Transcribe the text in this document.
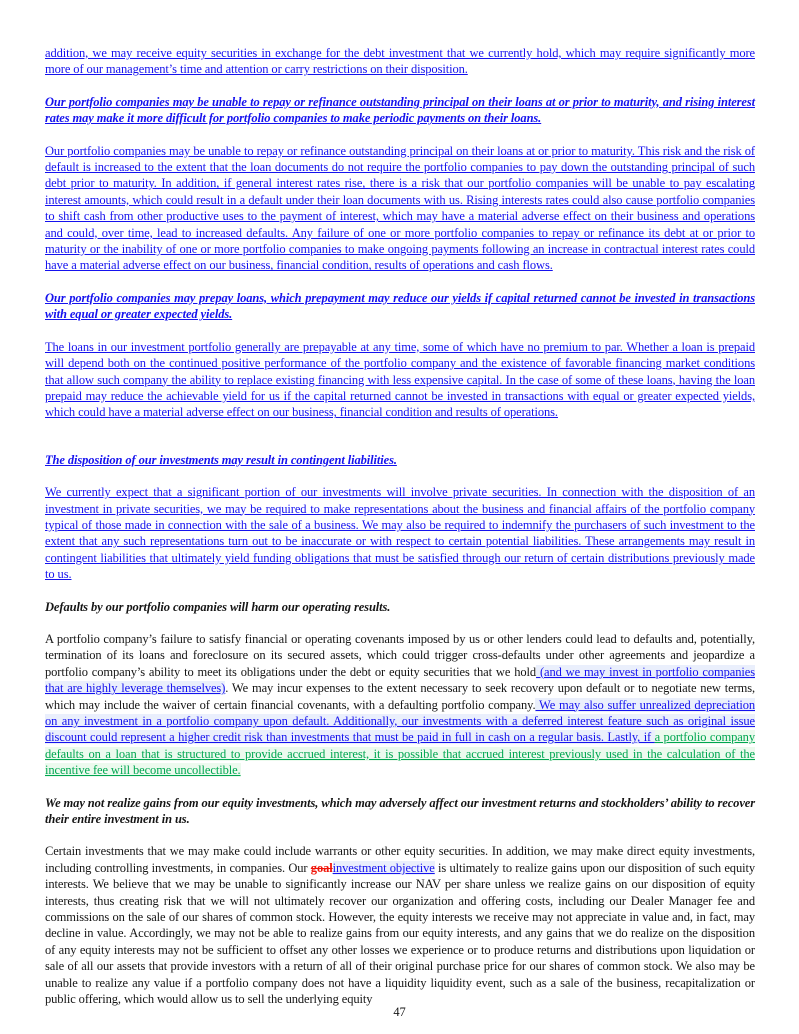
addition, we may receive equity securities in exchange for the debt investment that we currently hold, which may require significantly more more of our management’s time and attention or carry restrictions on their disposition.
Our portfolio companies may be unable to repay or refinance outstanding principal on their loans at or prior to maturity, and rising interest rates may make it more difficult for portfolio companies to make periodic payments on their loans.
Our portfolio companies may be unable to repay or refinance outstanding principal on their loans at or prior to maturity. This risk and the risk of default is increased to the extent that the loan documents do not require the portfolio companies to pay down the outstanding principal of such debt prior to maturity. In addition, if general interest rates rise, there is a risk that our portfolio companies will be unable to pay escalating interest amounts, which could result in a default under their loan documents with us. Rising interests rates could also cause portfolio companies to shift cash from other productive uses to the payment of interest, which may have a material adverse effect on their business and operations and could, over time, lead to increased defaults. Any failure of one or more portfolio companies to repay or refinance its debt at or prior to maturity or the inability of one or more portfolio companies to make ongoing payments following an increase in contractual interest rates could have a material adverse effect on our business, financial condition, results of operations and cash flows.
Our portfolio companies may prepay loans, which prepayment may reduce our yields if capital returned cannot be invested in transactions with equal or greater expected yields.
The loans in our investment portfolio generally are prepayable at any time, some of which have no premium to par. Whether a loan is prepaid will depend both on the continued positive performance of the portfolio company and the existence of favorable financing market conditions that allow such company the ability to replace existing financing with less expensive capital. In the case of some of these loans, having the loan prepaid may reduce the achievable yield for us if the capital returned cannot be invested in transactions with equal or greater expected yields, which could have a material adverse effect on our business, financial condition and results of operations.
The disposition of our investments may result in contingent liabilities.
We currently expect that a significant portion of our investments will involve private securities. In connection with the disposition of an investment in private securities, we may be required to make representations about the business and financial affairs of the portfolio company typical of those made in connection with the sale of a business. We may also be required to indemnify the purchasers of such investment to the extent that any such representations turn out to be inaccurate or with respect to certain potential liabilities. These arrangements may result in contingent liabilities that ultimately yield funding obligations that must be satisfied through our return of certain distributions previously made to us.
Defaults by our portfolio companies will harm our operating results.
A portfolio company’s failure to satisfy financial or operating covenants imposed by us or other lenders could lead to defaults and, potentially, termination of its loans and foreclosure on its secured assets, which could trigger cross-defaults under other agreements and jeopardize a portfolio company’s ability to meet its obligations under the debt or equity securities that we hold (and we may invest in portfolio companies that are highly leverage themselves). We may incur expenses to the extent necessary to seek recovery upon default or to negotiate new terms, which may include the waiver of certain financial covenants, with a defaulting portfolio company. We may also suffer unrealized depreciation on any investment in a portfolio company upon default. Additionally, our investments with a deferred interest feature such as original issue discount could represent a higher credit risk than investments that must be paid in full in cash on a regular basis. Lastly, if a portfolio company defaults on a loan that is structured to provide accrued interest, it is possible that accrued interest previously used in the calculation of the incentive fee will become uncollectible.
We may not realize gains from our equity investments, which may adversely affect our investment returns and stockholders’ ability to recover their entire investment in us.
Certain investments that we may make could include warrants or other equity securities. In addition, we may make direct equity investments, including controlling investments, in companies. Our goalinvestment objective is ultimately to realize gains upon our disposition of such equity interests. We believe that we may be unable to significantly increase our NAV per share unless we realize gains on our disposition of equity interests, thus creating risk that we will not ultimately recover our organization and offering costs, including our Dealer Manager fee and commissions on the sale of our shares of common stock. However, the equity interests we receive may not appreciate in value and, in fact, may decline in value. Accordingly, we may not be able to realize gains from our equity interests, and any gains that we do realize on the disposition of any equity interests may not be sufficient to offset any other losses we experience or to produce returns and distributions upon liquidation or sale of all our assets that provide investors with a return of all of their original purchase price for our shares of common stock. We also may be unable to realize any value if a portfolio company does not have a liquidity liquidity event, such as a sale of the business, recapitalization or public offering, which would allow us to sell the underlying equity
47
